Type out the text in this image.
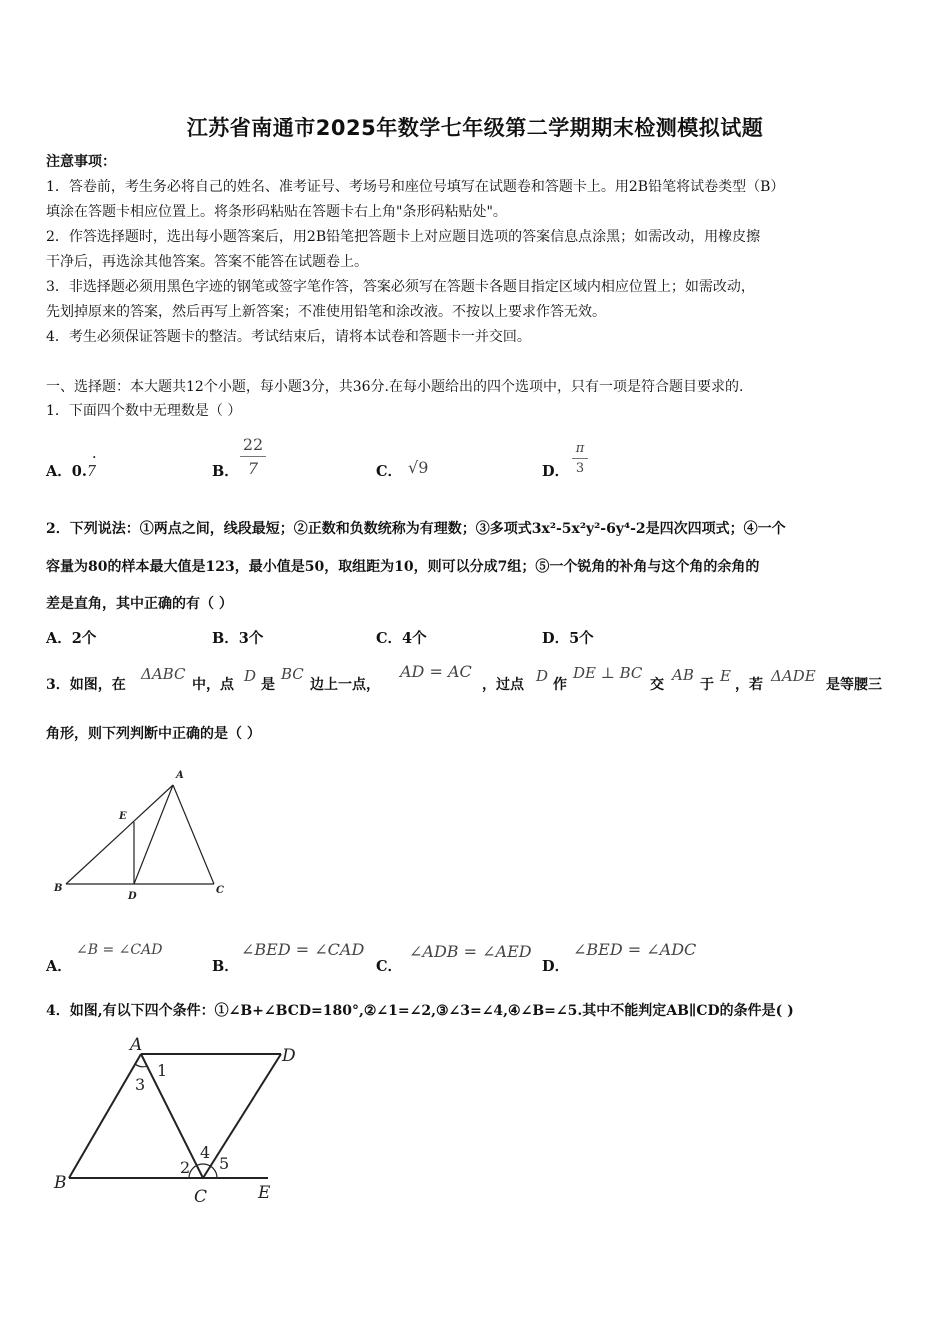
江苏省南通市2025年数学七年级第二学期期末检测模拟试题
注意事项：
1．答卷前，考生务必将自己的姓名、准考证号、考场号和座位号填写在试题卷和答题卡上。用2B铅笔将试卷类型（B）
填涂在答题卡相应位置上。将条形码粘贴在答题卡右上角"条形码粘贴处"。
2．作答选择题时，选出每小题答案后，用2B铅笔把答题卡上对应题目选项的答案信息点涂黑；如需改动，用橡皮擦
干净后，再选涂其他答案。答案不能答在试题卷上。
3．非选择题必须用黑色字迹的钢笔或签字笔作答，答案必须写在答题卡各题目指定区域内相应位置上；如需改动，
先划掉原来的答案，然后再写上新答案；不准使用铅笔和涂改液。不按以上要求作答无效。
4．考生必须保证答题卡的整洁。考试结束后，请将本试卷和答题卡一并交回。
一、选择题：本大题共12个小题，每小题3分，共36分.在每小题给出的四个选项中，只有一项是符合题目要求的.
1．下面四个数中无理数是（ ）
A．0.7
·
B．
22
7	C． √9	D．
π
3
2．下列说法：①两点之间，线段最短；②正数和负数统称为有理数；③多项式3x²-5x²y²-6y⁴-2是四次四项式；④一个
容量为80的样本最大值是123，最小值是50，取组距为10，则可以分成7组；⑤一个锐角的补角与这个角的余角的
差是直角，其中正确的有（ ）
A．2个	B．3个	C．4个	D．5个
3．如图，在
ΔABC
中，点 D 是
BC
边上一点，
AD = AC
，过点 D 作
DE ⊥ BC
交
AB
于 E ，若 ΔADE 是等腰三
角形，则下列判断中正确的是（ ）
A
E
B
D
C
A．
∠B = ∠CAD
B．
∠BED = ∠CAD
C．
∠ADB = ∠AED
D．
∠BED = ∠ADC
4．如图,有以下四个条件：①∠B+∠BCD=180°,②∠1=∠2,③∠3=∠4,④∠B=∠5.其中不能判定AB∥CD的条件是( )
A
D
B
C	E
1
3
4
2 5
